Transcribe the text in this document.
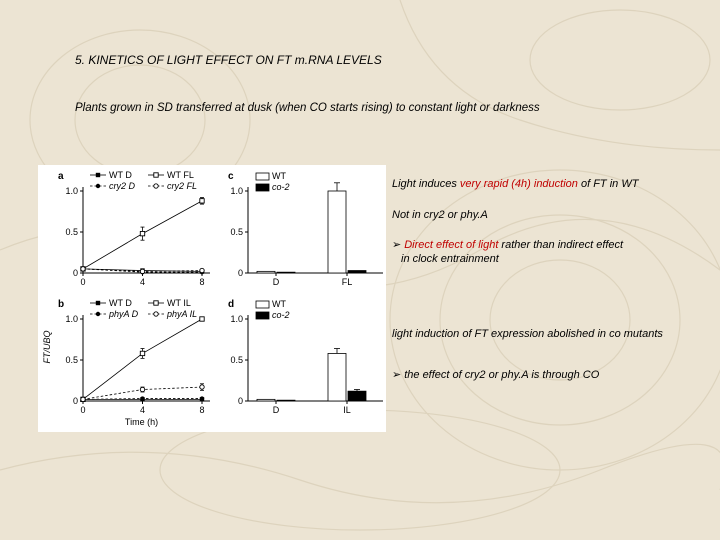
5. KINETICS OF LIGHT EFFECT ON FT m.RNA LEVELS
Plants grown in SD transferred at dusk (when CO starts rising) to constant light or darkness
a
0
0.5
1.0
0	4	8
WT D	WT FL
cry2 D	cry2 FL
FT/UBQ
b
0
0.5
1.0
0	4	8
WT D	WT IL
phyA D	phyA IL
Time (h)
c
0
0.5
1.0
D	FL
WT
co-2
d
0
0.5
1.0
D	IL
WT
co-2
Light induces very rapid (4h) induction of FT in WT
Not in cry2 or phy.A
➢ Direct effect of light rather than indirect effect
in clock entrainment
light induction of FT expression abolished in co mutants
➢ the effect of cry2 or phy.A is through CO
